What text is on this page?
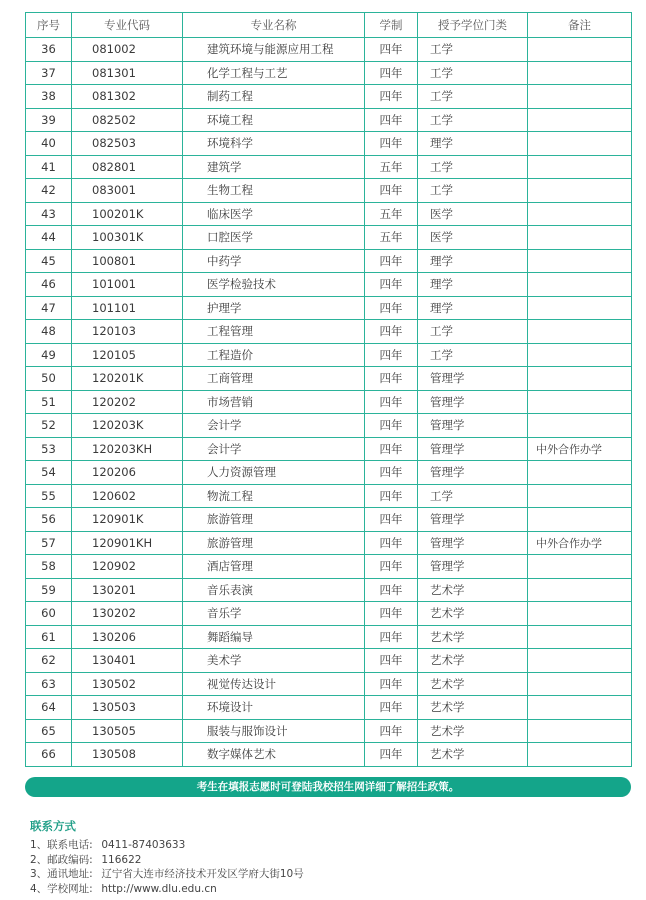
序号	专业代码	专业名称	学制	授予学位门类	备注
36	081002	建筑环境与能源应用工程	四年	工学	
37	081301	化学工程与工艺	四年	工学	
38	081302	制药工程	四年	工学	
39	082502	环境工程	四年	工学	
40	082503	环境科学	四年	理学	
41	082801	建筑学	五年	工学	
42	083001	生物工程	四年	工学	
43	100201K	临床医学	五年	医学	
44	100301K	口腔医学	五年	医学	
45	100801	中药学	四年	理学	
46	101001	医学检验技术	四年	理学	
47	101101	护理学	四年	理学	
48	120103	工程管理	四年	工学	
49	120105	工程造价	四年	工学	
50	120201K	工商管理	四年	管理学	
51	120202	市场营销	四年	管理学	
52	120203K	会计学	四年	管理学	
53	120203KH	会计学	四年	管理学	中外合作办学
54	120206	人力资源管理	四年	管理学	
55	120602	物流工程	四年	工学	
56	120901K	旅游管理	四年	管理学	
57	120901KH	旅游管理	四年	管理学	中外合作办学
58	120902	酒店管理	四年	管理学	
59	130201	音乐表演	四年	艺术学	
60	130202	音乐学	四年	艺术学	
61	130206	舞蹈编导	四年	艺术学	
62	130401	美术学	四年	艺术学	
63	130502	视觉传达设计	四年	艺术学	
64	130503	环境设计	四年	艺术学	
65	130505	服装与服饰设计	四年	艺术学	
66	130508	数字媒体艺术	四年	艺术学	
考生在填报志愿时可登陆我校招生网详细了解招生政策。
联系方式
1、联系电话: 0411-87403633
2、邮政编码: 116622
3、通讯地址: 辽宁省大连市经济技术开发区学府大街10号
4、学校网址: http://www.dlu.edu.cn
